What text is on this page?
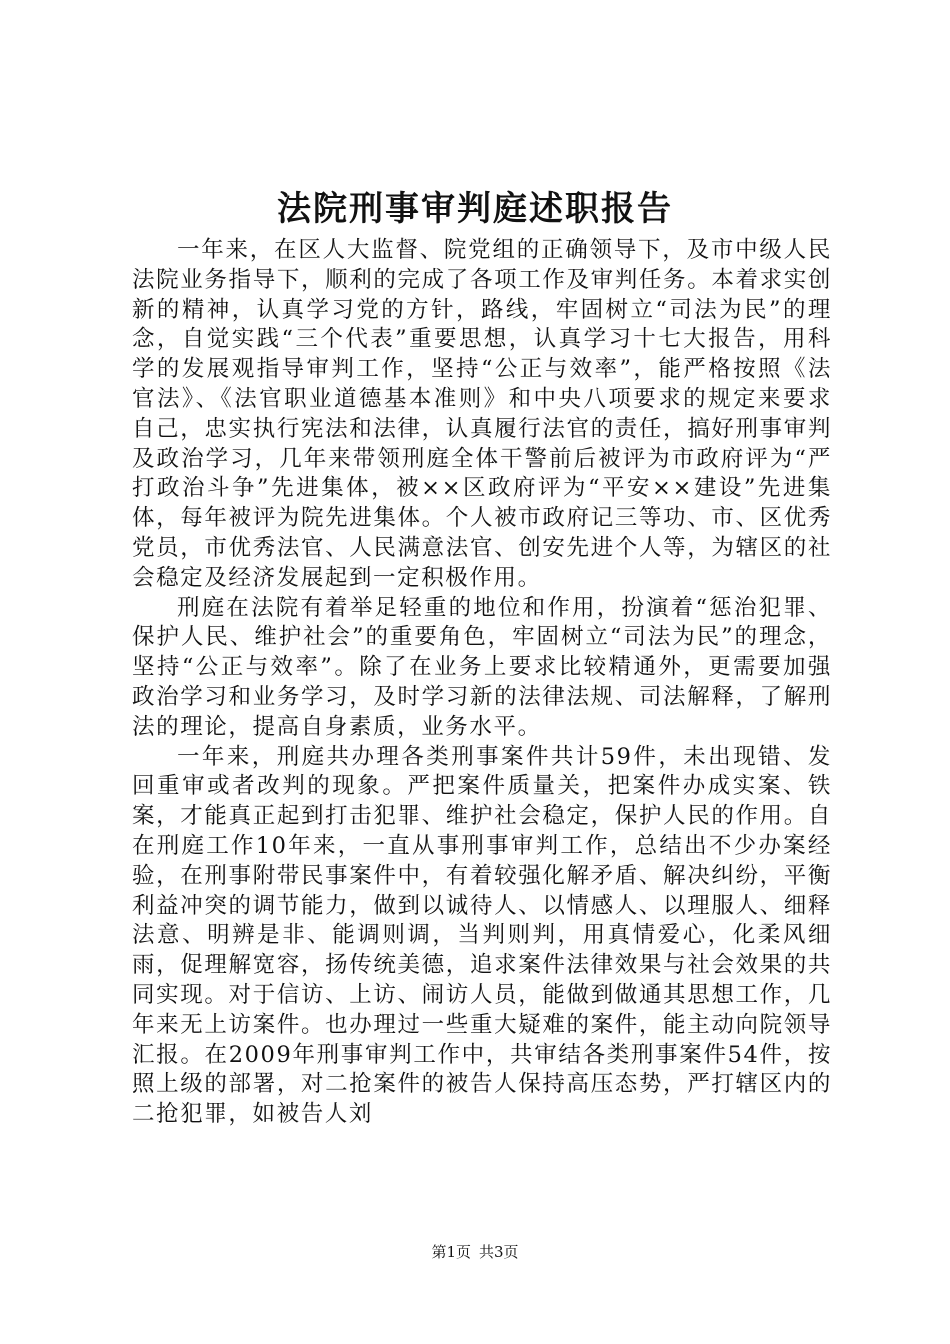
法院刑事审判庭述职报告

一年来，在区人大监督、院党组的正确领导下，及市中级人民法院业务指导下，顺利的完成了各项工作及审判任务。本着求实创新的精神，认真学习党的方针，路线，牢固树立“司法为民”的理念，自觉实践“三个代表”重要思想，认真学习十七大报告，用科学的发展观指导审判工作，坚持“公正与效率”，能严格按照《法官法》、《法官职业道德基本准则》和中央八项要求的规定来要求自己，忠实执行宪法和法律，认真履行法官的责任，搞好刑事审判及政治学习，几年来带领刑庭全体干警前后被评为市政府评为“严打政治斗争”先进集体，被××区政府评为“平安××建设”先进集体，每年被评为院先进集体。个人被市政府记三等功、市、区优秀党员，市优秀法官、人民满意法官、创安先进个人等，为辖区的社会稳定及经济发展起到一定积极作用。

刑庭在法院有着举足轻重的地位和作用，扮演着“惩治犯罪、保护人民、维护社会”的重要角色，牢固树立“司法为民”的理念，坚持“公正与效率”。除了在业务上要求比较精通外，更需要加强政治学习和业务学习，及时学习新的法律法规、司法解释，了解刑法的理论，提高自身素质，业务水平。

一年来，刑庭共办理各类刑事案件共计59件，未出现错、发回重审或者改判的现象。严把案件质量关，把案件办成实案、铁案，才能真正起到打击犯罪、维护社会稳定，保护人民的作用。自在刑庭工作10年来，一直从事刑事审判工作，总结出不少办案经验，在刑事附带民事案件中，有着较强化解矛盾、解决纠纷，平衡利益冲突的调节能力，做到以诚待人、以情感人、以理服人、细释法意、明辨是非、能调则调，当判则判，用真情爱心，化柔风细雨，促理解宽容，扬传统美德，追求案件法律效果与社会效果的共同实现。对于信访、上访、闹访人员，能做到做通其思想工作，几年来无上访案件。也办理过一些重大疑难的案件，能主动向院领导汇报。在2009年刑事审判工作中，共审结各类刑事案件54件，按照上级的部署，对二抢案件的被告人保持高压态势，严打辖区内的二抢犯罪，如被告人刘

第1页 共3页
